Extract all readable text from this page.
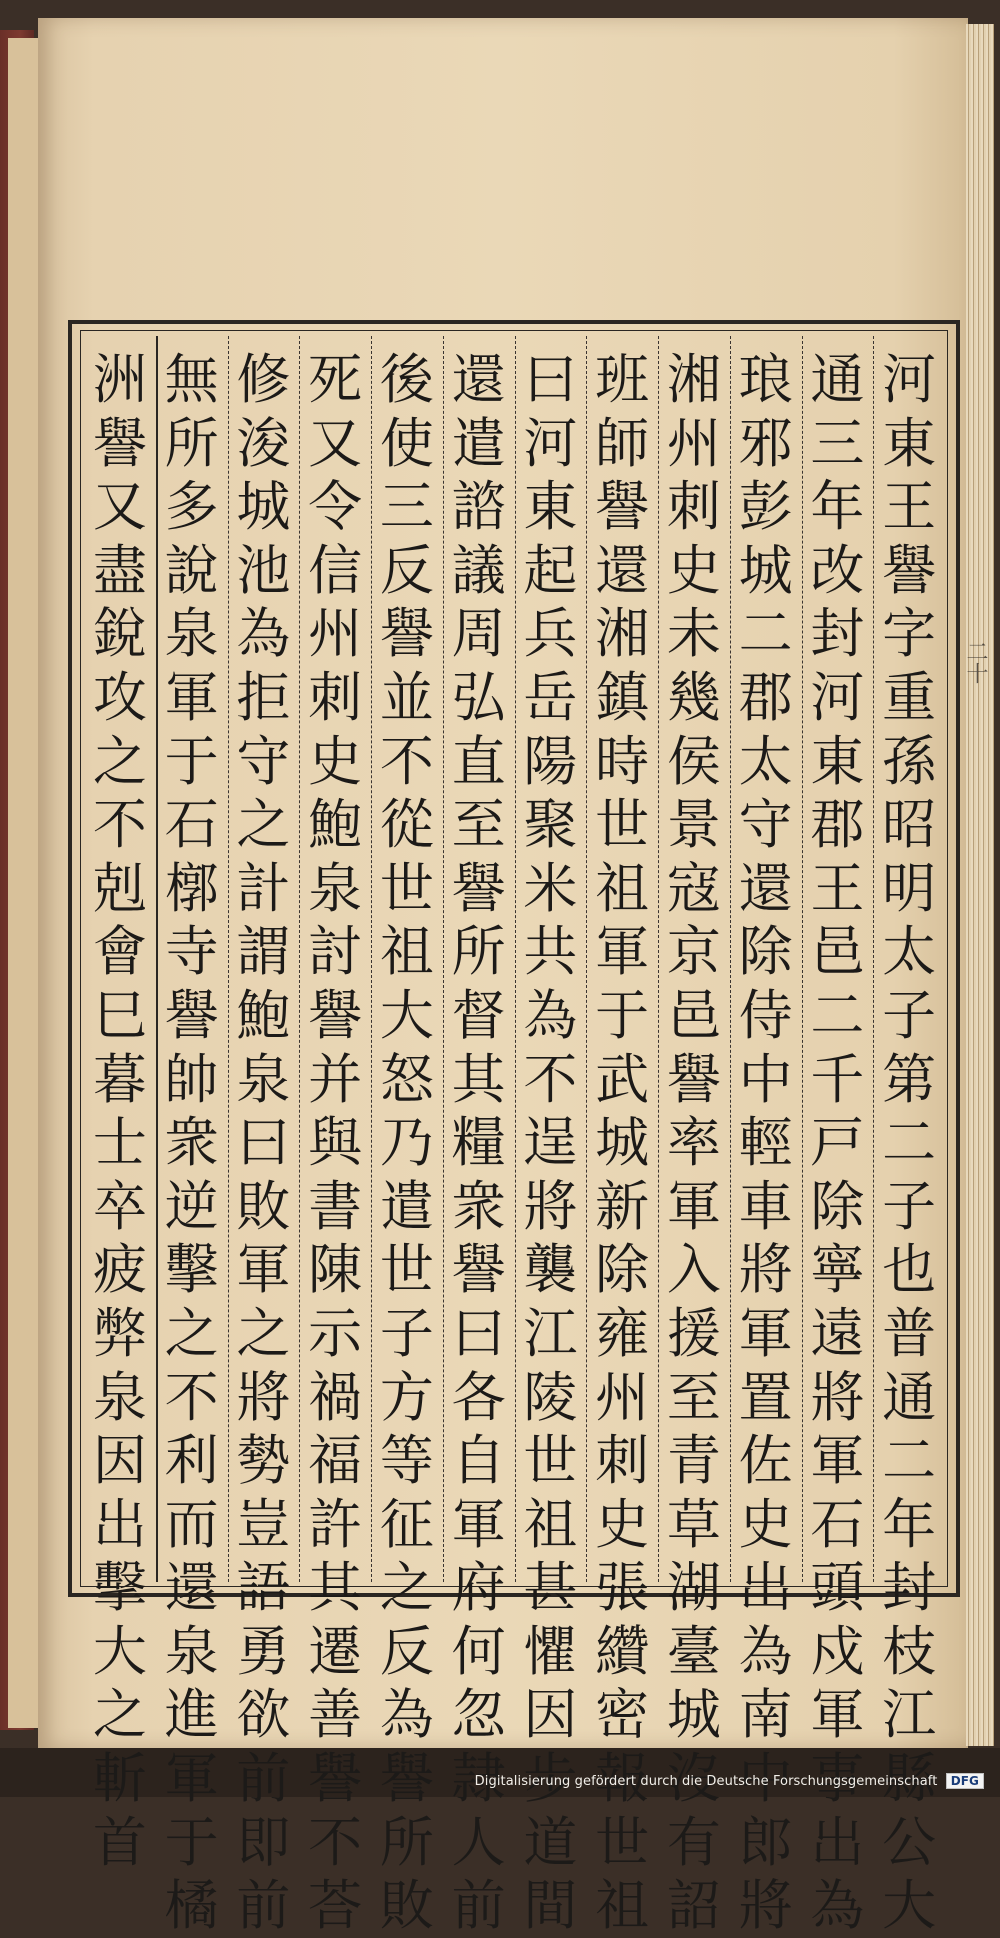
二十
河
東
王
譽
字
重
孫
昭
明
太
子
第
二
子
也
普
通
二
年
封
枝
江
縣
公
大
通
三
年
改
封
河
東
郡
王
邑
二
千
戸
除
寧
遠
將
軍
石
頭
戍
軍
事
出
為
琅
邪
彭
城
二
郡
太
守
還
除
侍
中
輕
車
將
軍
置
佐
史
出
為
南
中
郎
將
湘
州
刺
史
未
幾
侯
景
寇
京
邑
譽
率
軍
入
援
至
青
草
湖
臺
城
沒
有
詔
班
師
譽
還
湘
鎮
時
世
祖
軍
于
武
城
新
除
雍
州
刺
史
張
纘
密
報
世
祖
曰
河
東
起
兵
岳
陽
聚
米
共
為
不
逞
將
襲
江
陵
世
祖
甚
懼
因
步
道
間
還
遣
諮
議
周
弘
直
至
譽
所
督
其
糧
衆
譽
曰
各
自
軍
府
何
忽
隷
人
前
後
使
三
反
譽
並
不
從
世
祖
大
怒
乃
遣
世
子
方
等
征
之
反
為
譽
所
敗
死
又
令
信
州
刺
史
鮑
泉
討
譽
并
與
書
陳
示
禍
福
許
其
遷
善
譽
不
荅
修
浚
城
池
為
拒
守
之
計
謂
鮑
泉
曰
敗
軍
之
將
勢
豈
語
勇
欲
前
即
前
無
所
多
說
泉
軍
于
石
槨
寺
譽
帥
衆
逆
擊
之
不
利
而
還
泉
進
軍
于
橘
洲
譽
又
盡
銳
攻
之
不
剋
會
巳
暮
士
卒
疲
弊
泉
因
出
擊
大
之
斬
首
Digitalisierung gefördert durch die Deutsche Forschungsgemeinschaft DFG
